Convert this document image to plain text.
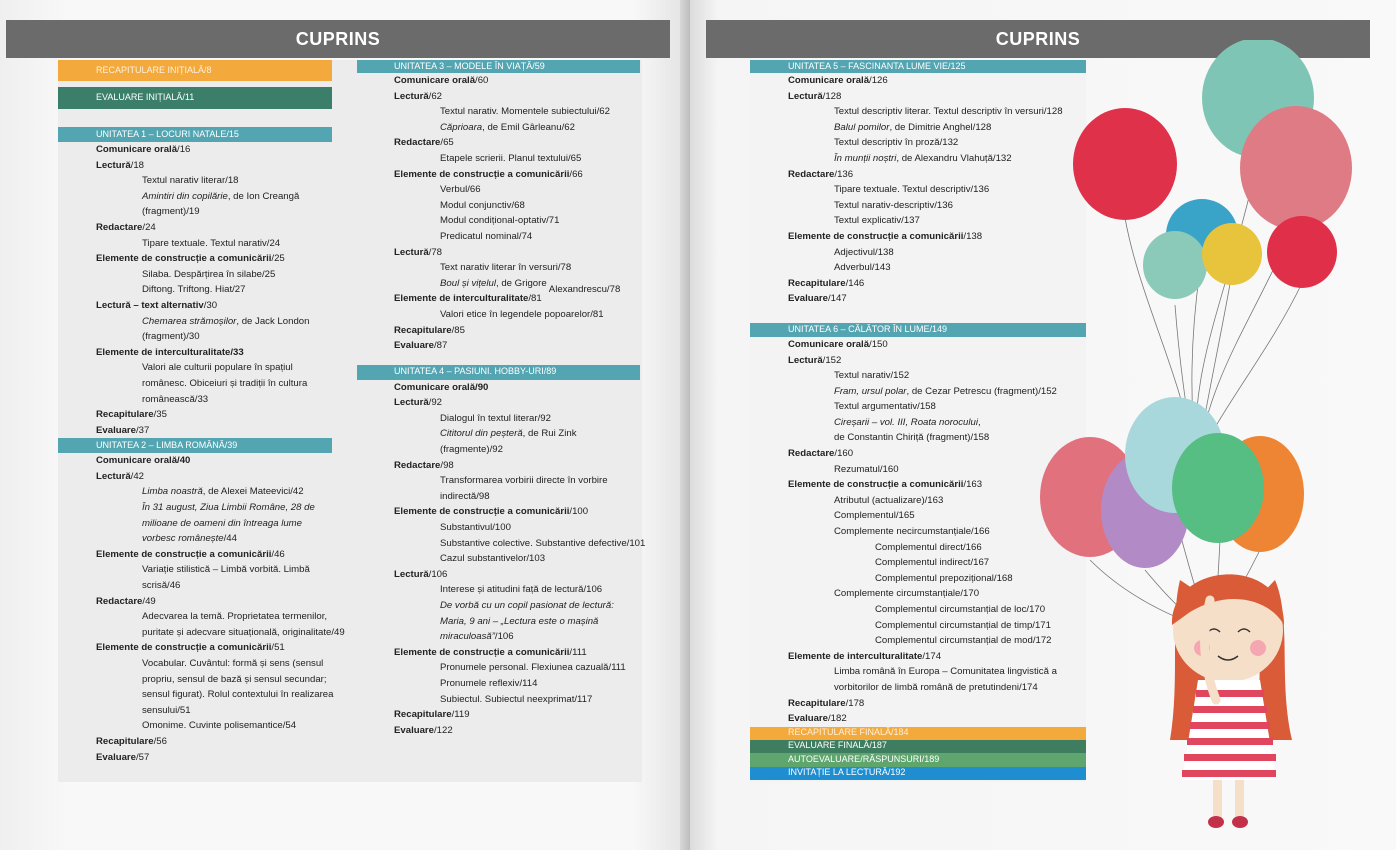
CUPRINS
RECAPITULARE INIȚIALĂ/8
EVALUARE INIȚIALĂ/11
UNITATEA 1 – LOCURI NATALE/15
Comunicare orală/16
Lectură/18
Textul narativ literar/18
Amintiri din copilărie, de Ion Creangă
(fragment)/19
Redactare/24
Tipare textuale. Textul narativ/24
Elemente de construcție a comunicării/25
Silaba. Despărțirea în silabe/25
Diftong. Triftong. Hiat/27
Lectură – text alternativ/30
Chemarea strămoșilor, de Jack London
(fragment)/30
Elemente de interculturalitate/33
Valori ale culturii populare în spațiul
românesc. Obiceiuri și tradiții în cultura
românească/33
Recapitulare/35
Evaluare/37
UNITATEA 2 – LIMBA ROMÂNĂ/39
Comunicare orală/40
Lectură/42
Limba noastră, de Alexei Mateevici/42
În 31 august, Ziua Limbii Române, 28 de
milioane de oameni din întreaga lume
vorbesc românește/44
Elemente de construcție a comunicării/46
Variație stilistică – Limbă vorbită. Limbă
scrisă/46
Redactare/49
Adecvarea la temă. Proprietatea termenilor,
puritate și adecvare situațională, originalitate/49
Elemente de construcție a comunicării/51
Vocabular. Cuvântul: formă și sens (sensul
propriu, sensul de bază și sensul secundar;
sensul figurat). Rolul contextului în realizarea
sensului/51
Omonime. Cuvinte polisemantice/54
Recapitulare/56
Evaluare/57
UNITATEA 3 – MODELE ÎN VIAȚĂ/59
Comunicare orală/60
Lectură/62
Textul narativ. Momentele subiectului/62
Căprioara, de Emil Gârleanu/62
Redactare/65
Etapele scrierii. Planul textului/65
Elemente de construcție a comunicării/66
Verbul/66
Modul conjunctiv/68
Modul condițional-optativ/71
Predicatul nominal/74
Lectură/78
Text narativ literar în versuri/78
Boul și vițelul, de Grigore Alexandrescu/78
Elemente de interculturalitate/81
Valori etice în legendele popoarelor/81
Recapitulare/85
Evaluare/87
UNITATEA 4 – PASIUNI. HOBBY-URI/89
Comunicare orală/90
Lectură/92
Dialogul în textul literar/92
Cititorul din peșteră, de Rui Zink
(fragmente)/92
Redactare/98
Transformarea vorbirii directe în vorbire
indirectă/98
Elemente de construcție a comunicării/100
Substantivul/100
Substantive colective. Substantive defective/101
Cazul substantivelor/103
Lectură/106
Interese și atitudini față de lectură/106
De vorbă cu un copil pasionat de lectură:
Maria, 9 ani – „Lectura este o mașină
miraculoasă”/106
Elemente de construcție a comunicării/111
Pronumele personal. Flexiunea cazuală/111
Pronumele reflexiv/114
Subiectul. Subiectul neexprimat/117
Recapitulare/119
Evaluare/122
CUPRINS
UNITATEA 5 – FASCINANTA LUME VIE/125
Comunicare orală/126
Lectură/128
Textul descriptiv literar. Textul descriptiv în versuri/128
Balul pomilor, de Dimitrie Anghel/128
Textul descriptiv în proză/132
În munții noștri, de Alexandru Vlahuță/132
Redactare/136
Tipare textuale. Textul descriptiv/136
Textul narativ-descriptiv/136
Textul explicativ/137
Elemente de construcție a comunicării/138
Adjectivul/138
Adverbul/143
Recapitulare/146
Evaluare/147
UNITATEA 6 – CĂLĂTOR ÎN LUME/149
Comunicare orală/150
Lectură/152
Textul narativ/152
Fram, ursul polar, de Cezar Petrescu (fragment)/152
Textul argumentativ/158
Cireșarii – vol. III, Roata norocului,
de Constantin Chiriță (fragment)/158
Redactare/160
Rezumatul/160
Elemente de construcție a comunicării/163
Atributul (actualizare)/163
Complementul/165
Complemente necircumstanțiale/166
Complementul direct/166
Complementul indirect/167
Complementul prepozițional/168
Complemente circumstanțiale/170
Complementul circumstanțial de loc/170
Complementul circumstanțial de timp/171
Complementul circumstanțial de mod/172
Elemente de interculturalitate/174
Limba română în Europa – Comunitatea lingvistică a
vorbitorilor de limbă română de pretutindeni/174
Recapitulare/178
Evaluare/182
RECAPITULARE FINALĂ/184
EVALUARE FINALĂ/187
AUTOEVALUARE/RĂSPUNSURI/189
INVITAȚIE LA LECTURĂ/192
